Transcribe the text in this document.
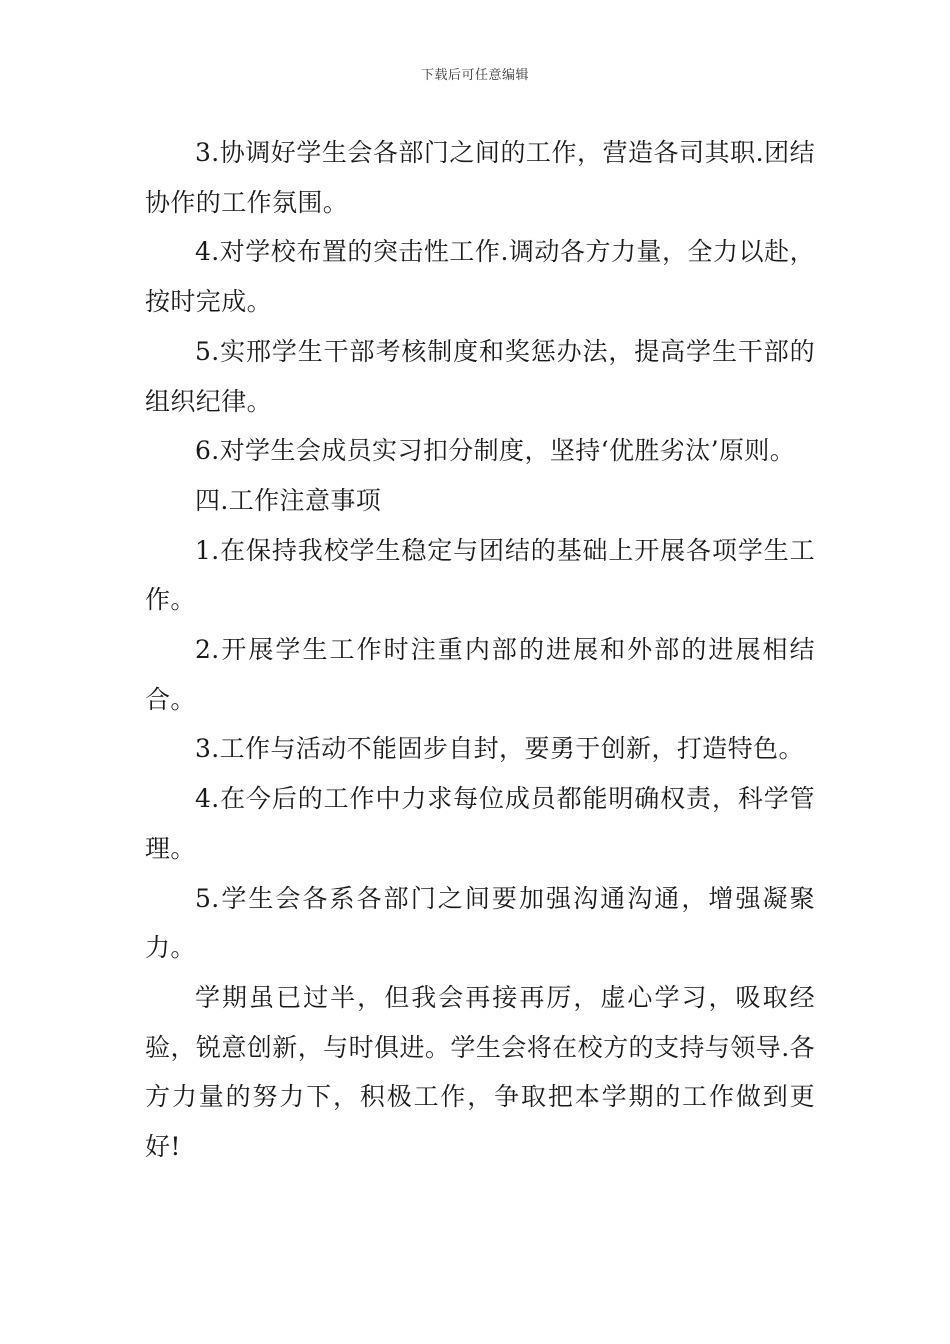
下载后可任意编辑

3.协调好学生会各部门之间的工作，营造各司其职.团结协作的工作氛围。

4.对学校布置的突击性工作.调动各方力量，全力以赴，按时完成。

5.实邢学生干部考核制度和奖惩办法，提高学生干部的组织纪律。

6.对学生会成员实习扣分制度，坚持‘优胜劣汰’原则。

四.工作注意事项

1.在保持我校学生稳定与团结的基础上开展各项学生工作。

2.开展学生工作时注重内部的进展和外部的进展相结合。

3.工作与活动不能固步自封，要勇于创新，打造特色。

4.在今后的工作中力求每位成员都能明确权责，科学管理。

5.学生会各系各部门之间要加强沟通沟通，增强凝聚力。

学期虽已过半，但我会再接再厉，虚心学习，吸取经验，锐意创新，与时俱进。学生会将在校方的支持与领导.各方力量的努力下，积极工作，争取把本学期的工作做到更好!
